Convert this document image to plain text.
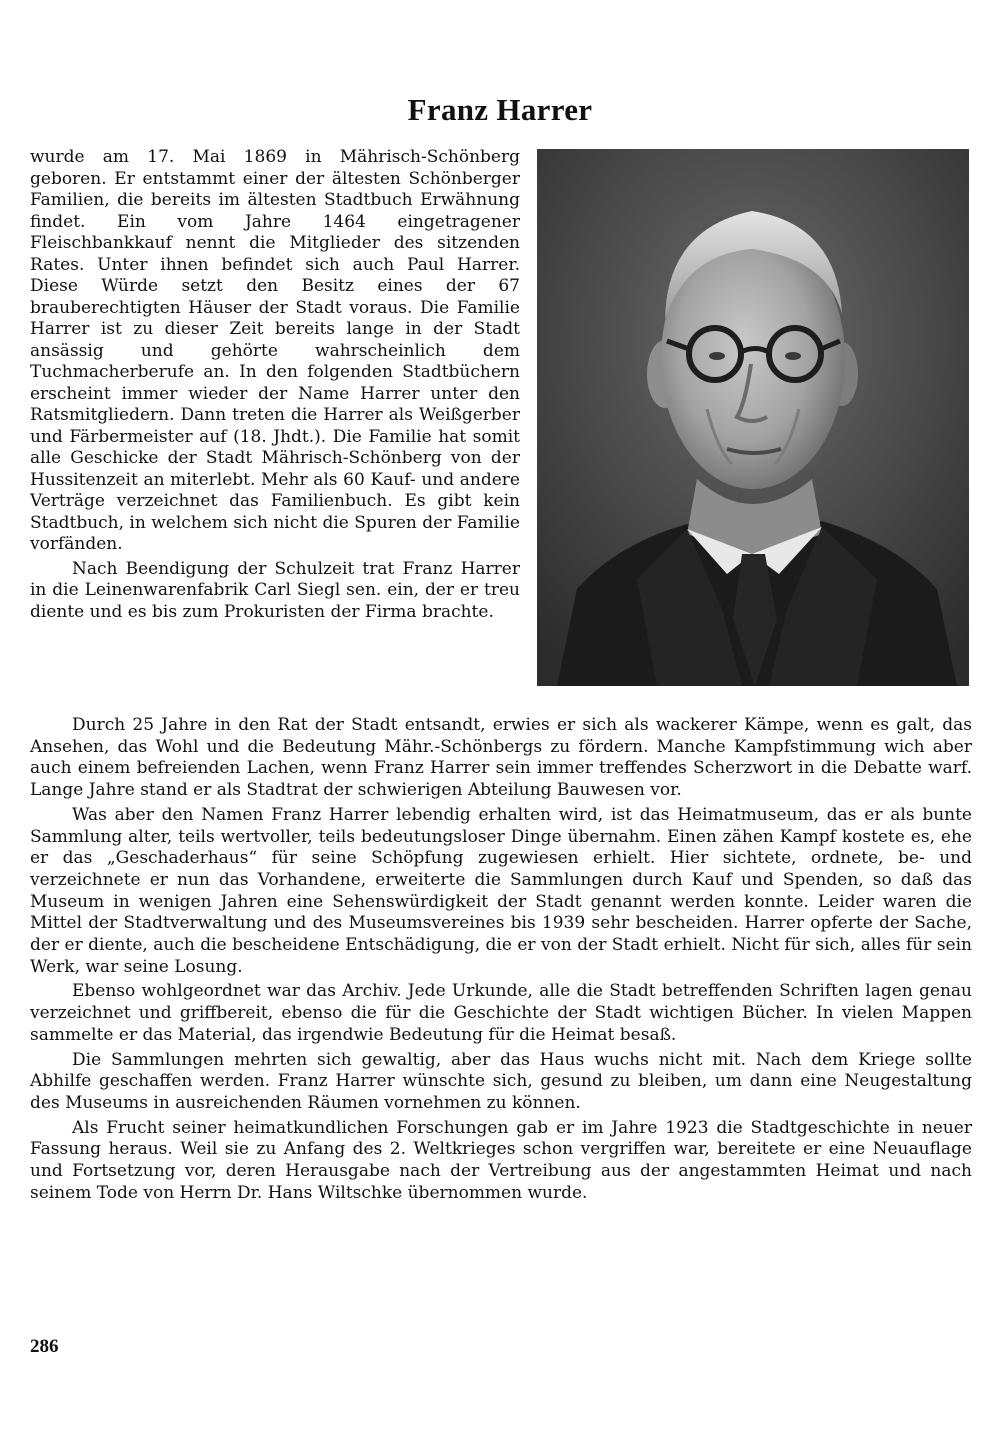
Franz Harrer

wurde am 17. Mai 1869 in Mährisch-Schönberg geboren. Er entstammt einer der ältesten Schönberger Familien, die bereits im ältesten Stadtbuch Erwähnung findet. Ein vom Jahre 1464 eingetragener Fleischbankkauf nennt die Mitglieder des sitzenden Rates. Unter ihnen befindet sich auch Paul Harrer. Diese Würde setzt den Besitz eines der 67 brauberechtigten Häuser der Stadt voraus. Die Familie Harrer ist zu dieser Zeit bereits lange in der Stadt ansässig und gehörte wahrscheinlich dem Tuchmacherberufe an. In den folgenden Stadtbüchern erscheint immer wieder der Name Harrer unter den Ratsmitgliedern. Dann treten die Harrer als Weißgerber und Färbermeister auf (18. Jhdt.). Die Familie hat somit alle Geschicke der Stadt Mährisch-Schönberg von der Hussitenzeit an miterlebt. Mehr als 60 Kauf- und andere Verträge verzeichnet das Familienbuch. Es gibt kein Stadtbuch, in welchem sich nicht die Spuren der Familie vorfänden.

Nach Beendigung der Schulzeit trat Franz Harrer in die Leinenwarenfabrik Carl Siegl sen. ein, der er treu diente und es bis zum Prokuristen der Firma brachte.

Durch 25 Jahre in den Rat der Stadt entsandt, erwies er sich als wackerer Kämpe, wenn es galt, das Ansehen, das Wohl und die Bedeutung Mähr.-Schönbergs zu fördern. Manche Kampfstimmung wich aber auch einem befreienden Lachen, wenn Franz Harrer sein immer treffendes Scherzwort in die Debatte warf. Lange Jahre stand er als Stadtrat der schwierigen Abteilung Bauwesen vor.

Was aber den Namen Franz Harrer lebendig erhalten wird, ist das Heimatmuseum, das er als bunte Sammlung alter, teils wertvoller, teils bedeutungsloser Dinge übernahm. Einen zähen Kampf kostete es, ehe er das „Geschaderhaus“ für seine Schöpfung zugewiesen erhielt. Hier sichtete, ordnete, be- und verzeichnete er nun das Vorhandene, erweiterte die Sammlungen durch Kauf und Spenden, so daß das Museum in wenigen Jahren eine Sehenswürdigkeit der Stadt genannt werden konnte. Leider waren die Mittel der Stadtverwaltung und des Museumsvereines bis 1939 sehr bescheiden. Harrer opferte der Sache, der er diente, auch die bescheidene Entschädigung, die er von der Stadt erhielt. Nicht für sich, alles für sein Werk, war seine Losung.

Ebenso wohlgeordnet war das Archiv. Jede Urkunde, alle die Stadt betreffenden Schriften lagen genau verzeichnet und griffbereit, ebenso die für die Geschichte der Stadt wichtigen Bücher. In vielen Mappen sammelte er das Material, das irgendwie Bedeutung für die Heimat besaß.

Die Sammlungen mehrten sich gewaltig, aber das Haus wuchs nicht mit. Nach dem Kriege sollte Abhilfe geschaffen werden. Franz Harrer wünschte sich, gesund zu bleiben, um dann eine Neugestaltung des Museums in ausreichenden Räumen vornehmen zu können.

Als Frucht seiner heimatkundlichen Forschungen gab er im Jahre 1923 die Stadtgeschichte in neuer Fassung heraus. Weil sie zu Anfang des 2. Weltkrieges schon vergriffen war, bereitete er eine Neuauflage und Fortsetzung vor, deren Herausgabe nach der Vertreibung aus der angestammten Heimat und nach seinem Tode von Herrn Dr. Hans Wiltschke übernommen wurde.

286
